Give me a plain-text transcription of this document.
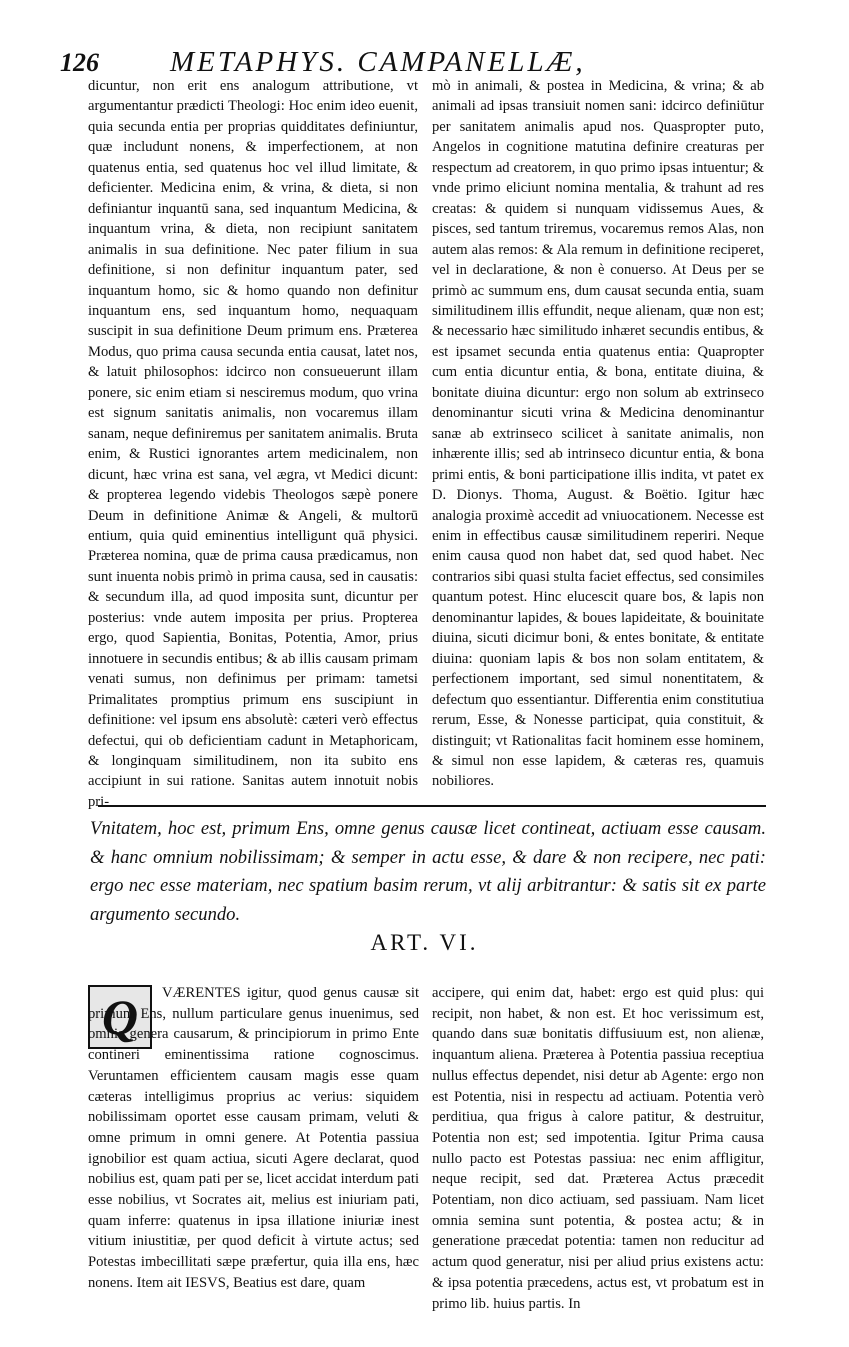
126 METAPHYS. CAMPANELLÆ,

dicuntur, non erit ens analogum attributione, vt argumentantur prædicti Theologi: Hoc enim ideo euenit, quia secunda entia per proprias quidditates definiuntur, quæ includunt nonens, & imperfectionem, at non quatenus entia, sed quatenus hoc vel illud limitate, & deficienter. Medicina enim, & vrina, & dieta, si non definiantur inquantū sana, sed inquantum Medicina, & inquantum vrina, & dieta, non recipiunt sanitatem animalis in sua definitione. Nec pater filium in sua definitione, si non definitur inquantum pater, sed inquantum homo, sic & homo quando non definitur inquantum ens, sed inquantum homo, nequaquam suscipit in sua definitione Deum primum ens. Præterea Modus, quo prima causa secunda entia causat, latet nos, & latuit philosophos: idcirco non consueuerunt illam ponere, sic enim etiam si nesciremus modum, quo vrina est signum sanitatis animalis, non vocaremus illam sanam, neque definiremus per sanitatem animalis. Bruta enim, & Rustici ignorantes artem medicinalem, non dicunt, hæc vrina est sana, vel ægra, vt Medici dicunt: & propterea legendo videbis Theologos sæpè ponere Deum in definitione Animæ & Angeli, & multorū entium, quia quid eminentius intelligunt quā physici. Præterea nomina, quæ de prima causa prædicamus, non sunt inuenta nobis primò in prima causa, sed in causatis: & secundum illa, ad quod imposita sunt, dicuntur per posterius: vnde autem imposita per prius. Propterea ergo, quod Sapientia, Bonitas, Potentia, Amor, prius innotuere in secundis entibus; & ab illis causam primam venati sumus, non definimus per primam: tametsi Primalitates promptius primum ens suscipiunt in definitione: vel ipsum ens absolutè: cæteri verò effectus defectui, qui ob deficientiam cadunt in Metaphoricam, & longinquam similitudinem, non ita subito ens accipiunt in sui ratione. Sanitas autem innotuit nobis pri-

mò in animali, & postea in Medicina, & vrina; & ab animali ad ipsas transiuit nomen sani: idcirco definiūtur per sanitatem animalis apud nos. Quaspropter puto, Angelos in cognitione matutina definire creaturas per respectum ad creatorem, in quo primo ipsas intuentur; & vnde primo eliciunt nomina mentalia, & trahunt ad res creatas: & quidem si nunquam vidissemus Aues, & pisces, sed tantum triremus, vocaremus remos Alas, non autem alas remos: & Ala remum in definitione reciperet, vel in declaratione, & non è conuerso. At Deus per se primò ac summum ens, dum causat secunda entia, suam similitudinem illis effundit, neque alienam, quæ non est; & necessario hæc similitudo inhæret secundis entibus, & est ipsamet secunda entia quatenus entia: Quapropter cum entia dicuntur entia, & bona, entitate diuina, & bonitate diuina dicuntur: ergo non solum ab extrinseco denominantur sicuti vrina & Medicina denominantur sanæ ab extrinseco scilicet à sanitate animalis, non inhærente illis; sed ab intrinseco dicuntur entia, & bona primi entis, & boni participatione illis indita, vt patet ex D. Dionys. Thoma, August. & Boëtio. Igitur hæc analogia proximè accedit ad vniuocationem. Necesse est enim in effectibus causæ similitudinem reperiri. Neque enim causa quod non habet dat, sed quod habet. Nec contrarios sibi quasi stulta faciet effectus, sed consimiles quantum potest. Hinc elucescit quare bos, & lapis non denominantur lapides, & boues lapideitate, & bouinitate diuina, sicuti dicimur boni, & entes bonitate, & entitate diuina: quoniam lapis & bos non solam entitatem, & perfectionem important, sed simul nonentitatem, & defectum quo essentiantur. Differentia enim constitutiua rerum, Esse, & Nonesse participat, quia constituit, & distinguit; vt Rationalitas facit hominem esse hominem, & simul non esse lapidem, & cæteras res, quamuis nobiliores.

Vnitatem, hoc est, primum Ens, omne genus causæ licet contineat, actiuam esse causam. & hanc omnium nobilissimam; & semper in actu esse, & dare & non recipere, nec pati: ergo nec esse materiam, nec spatium basim rerum, vt alij arbitrantur: & satis sit ex parte argumento secundo.

ART. VI.
Q	VÆRENTES igitur, quod genus causæ sit primum Ens, nullum particulare genus inuenimus, sed omnia genera causarum, & principiorum in primo Ente contineri eminentissima ratione cognoscimus. Veruntamen efficientem causam magis esse quam cæteras intelligimus proprius ac verius: siquidem nobilissimam oportet esse causam primam, veluti & omne primum in omni genere. At Potentia passiua ignobilior est quam actiua, sicuti Agere declarat, quod nobilius est, quam pati per se, licet accidat interdum pati esse nobilius, vt Socrates ait, melius est iniuriam pati, quam inferre: quatenus in ipsa illatione iniuriæ inest vitium iniustitiæ, per quod deficit à virtute actus; sed Potestas imbecillitati sæpe præfertur, quia illa ens, hæc nonens. Item ait IESVS, Beatius est dare, quam

accipere, qui enim dat, habet: ergo est quid plus: qui recipit, non habet, & non est. Et hoc verissimum est, quando dans suæ bonitatis diffusiuum est, non alienæ, inquantum aliena. Præterea à Potentia passiua receptiua nullus effectus dependet, nisi detur ab Agente: ergo non est Potentia, nisi in respectu ad actiuam. Potentia verò perditiua, qua frigus à calore patitur, & destruitur, Potentia non est; sed impotentia. Igitur Prima causa nullo pacto est Potestas passiua: nec enim affligitur, neque recipit, sed dat. Præterea Actus præcedit Potentiam, non dico actiuam, sed passiuam. Nam licet omnia semina sunt potentia, & postea actu; & in generatione præcedat potentia: tamen non reducitur ad actum quod generatur, nisi per aliud prius existens actu: & ipsa potentia præcedens, actus est, vt probatum est in primo lib. huius partis. In
